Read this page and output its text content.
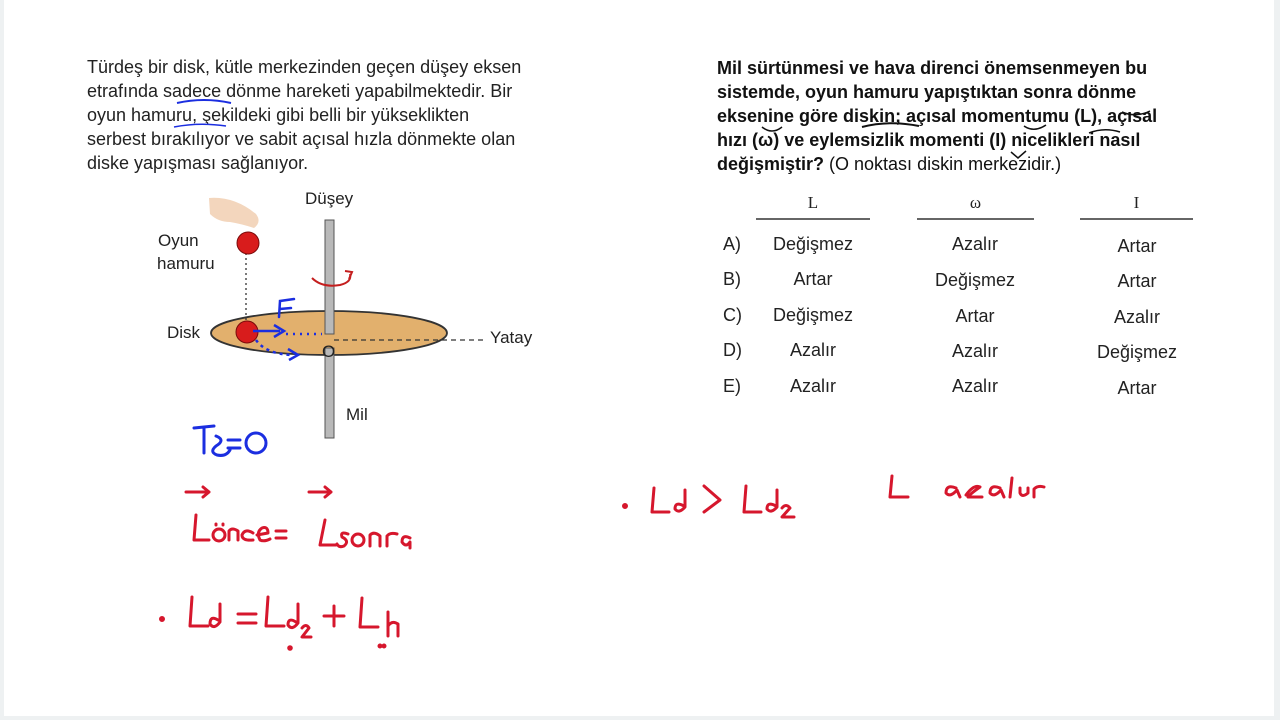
Türdeş bir disk, kütle merkezinden geçen düşey eksen

etrafında sadece dönme hareketi yapabilmektedir. Bir

oyun hamuru, şekildeki gibi belli bir yükseklikten

serbest bırakılıyor ve sabit açısal hızla dönmekte olan

diske yapışması sağlanıyor.

Mil sürtünmesi ve hava direnci önemsenmeyen bu
sistemde, oyun hamuru yapıştıktan sonra dönme
eksenine göre diskin; açısal momentumu (L), açısal
hızı (ω) ve eylemsizlik momenti (I) nicelikleri nasıl
değişmiştir? (O noktası diskin merkezidir.)
Düşey
Oyun
hamuru
Disk
O
Yatay
Mil
L	ω	I
A)	Değişmez	Azalır	Artar
B)	Artar	Değişmez	Artar
C)	Değişmez	Artar	Azalır
D)	Azalır	Azalır	Değişmez
E)	Azalır	Azalır	Artar
